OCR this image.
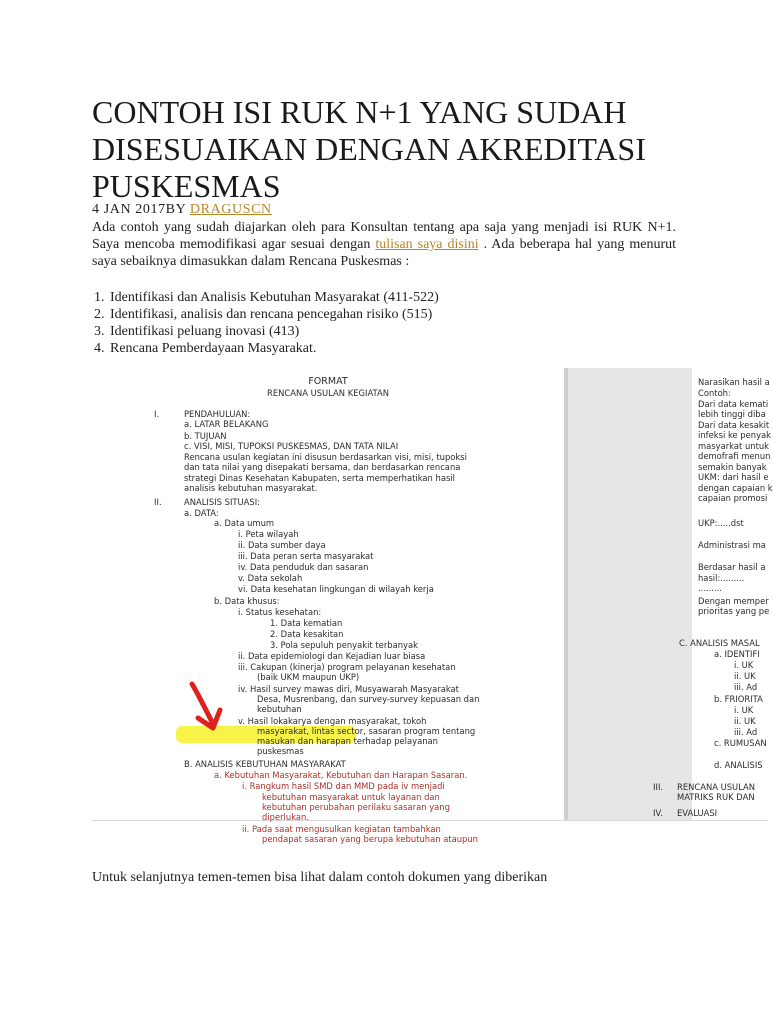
CONTOH ISI RUK N+1 YANG SUDAH DISESUAIKAN DENGAN AKREDITASI PUSKESMAS
4 JAN 2017BY DRAGUSCN

Ada contoh yang sudah diajarkan oleh para Konsultan tentang apa saja yang menjadi isi RUK N+1. Saya mencoba memodifikasi agar sesuai dengan tulisan saya disini . Ada beberapa hal yang menurut saya sebaiknya dimasukkan dalam Rencana Puskesmas :

1. Identifikasi dan Analisis Kebutuhan Masyarakat (411-522)
2. Identifikasi, analisis dan rencana pencegahan risiko (515)
3. Identifikasi peluang inovasi (413)
4. Rencana Pemberdayaan Masyarakat.
FORMAT
RENCANA USULAN KEGIATAN
I.	PENDAHULUAN:
a. LATAR BELAKANG
b. TUJUAN
c. VISI, MISI, TUPOKSI PUSKESMAS, DAN TATA NILAI
Rencana usulan kegiatan ini disusun berdasarkan visi, misi, tupoksi
dan tata nilai yang disepakati bersama, dan berdasarkan rencana
strategi Dinas Kesehatan Kabupaten, serta memperhatikan hasil
analisis kebutuhan masyarakat.
II.	ANALISIS SITUASI:
a. DATA:
a. Data umum
i. Peta wilayah
ii. Data sumber daya
iii. Data peran serta masyarakat
iv. Data penduduk dan sasaran
v. Data sekolah
vi. Data kesehatan lingkungan di wilayah kerja
b. Data khusus:
i. Status kesehatan:
1. Data kematian
2. Data kesakitan
3. Pola sepuluh penyakit terbanyak
ii. Data epidemiologi dan Kejadian luar biasa
iii. Cakupan (kinerja) program pelayanan kesehatan
(baik UKM maupun UKP)
iv. Hasil survey mawas diri, Musyawarah Masyarakat
Desa, Musrenbang, dan survey-survey kepuasan dan
kebutuhan
v. Hasil lokakarya dengan masyarakat, tokoh
masyarakat, lintas sector, sasaran program tentang
masukan dan harapan terhadap pelayanan
puskesmas
B. ANALISIS KEBUTUHAN MASYARAKAT
a. Kebutuhan Masyarakat, Kebutuhan dan Harapan Sasaran.
i. Rangkum hasil SMD dan MMD pada iv menjadi
kebutuhan masyarakat untuk layanan dan
kebutuhan perubahan perilaku sasaran yang
diperlukan.
ii. Pada saat mengusulkan kegiatan tambahkan
pendapat sasaran yang berupa kebutuhan ataupun
Narasikan hasil a
Contoh:
Dari data kemati
lebih tinggi diba
Dari data kesakit
infeksi ke penyak
masyarkat untuk
demofrafi menun
semakin banyak
UKM: dari hasil e
dengan capaian k
capaian promosi
UKP:.....dst
Administrasi ma
Berdasar hasil a
hasil:.........
.........
Dengan memper
prioritas yang pe
C. ANALISIS MASAL
a. IDENTIFI
i. UK
ii. UK
iii. Ad
b. FRIORITA
i. UK
ii. UK
iii. Ad
c. RUMUSAN
d. ANALISIS
III. RENCANA USULAN
MATRIKS RUK DAN
IV. EVALUASI

Untuk selanjutnya temen-temen bisa lihat dalam contoh dokumen yang diberikan
